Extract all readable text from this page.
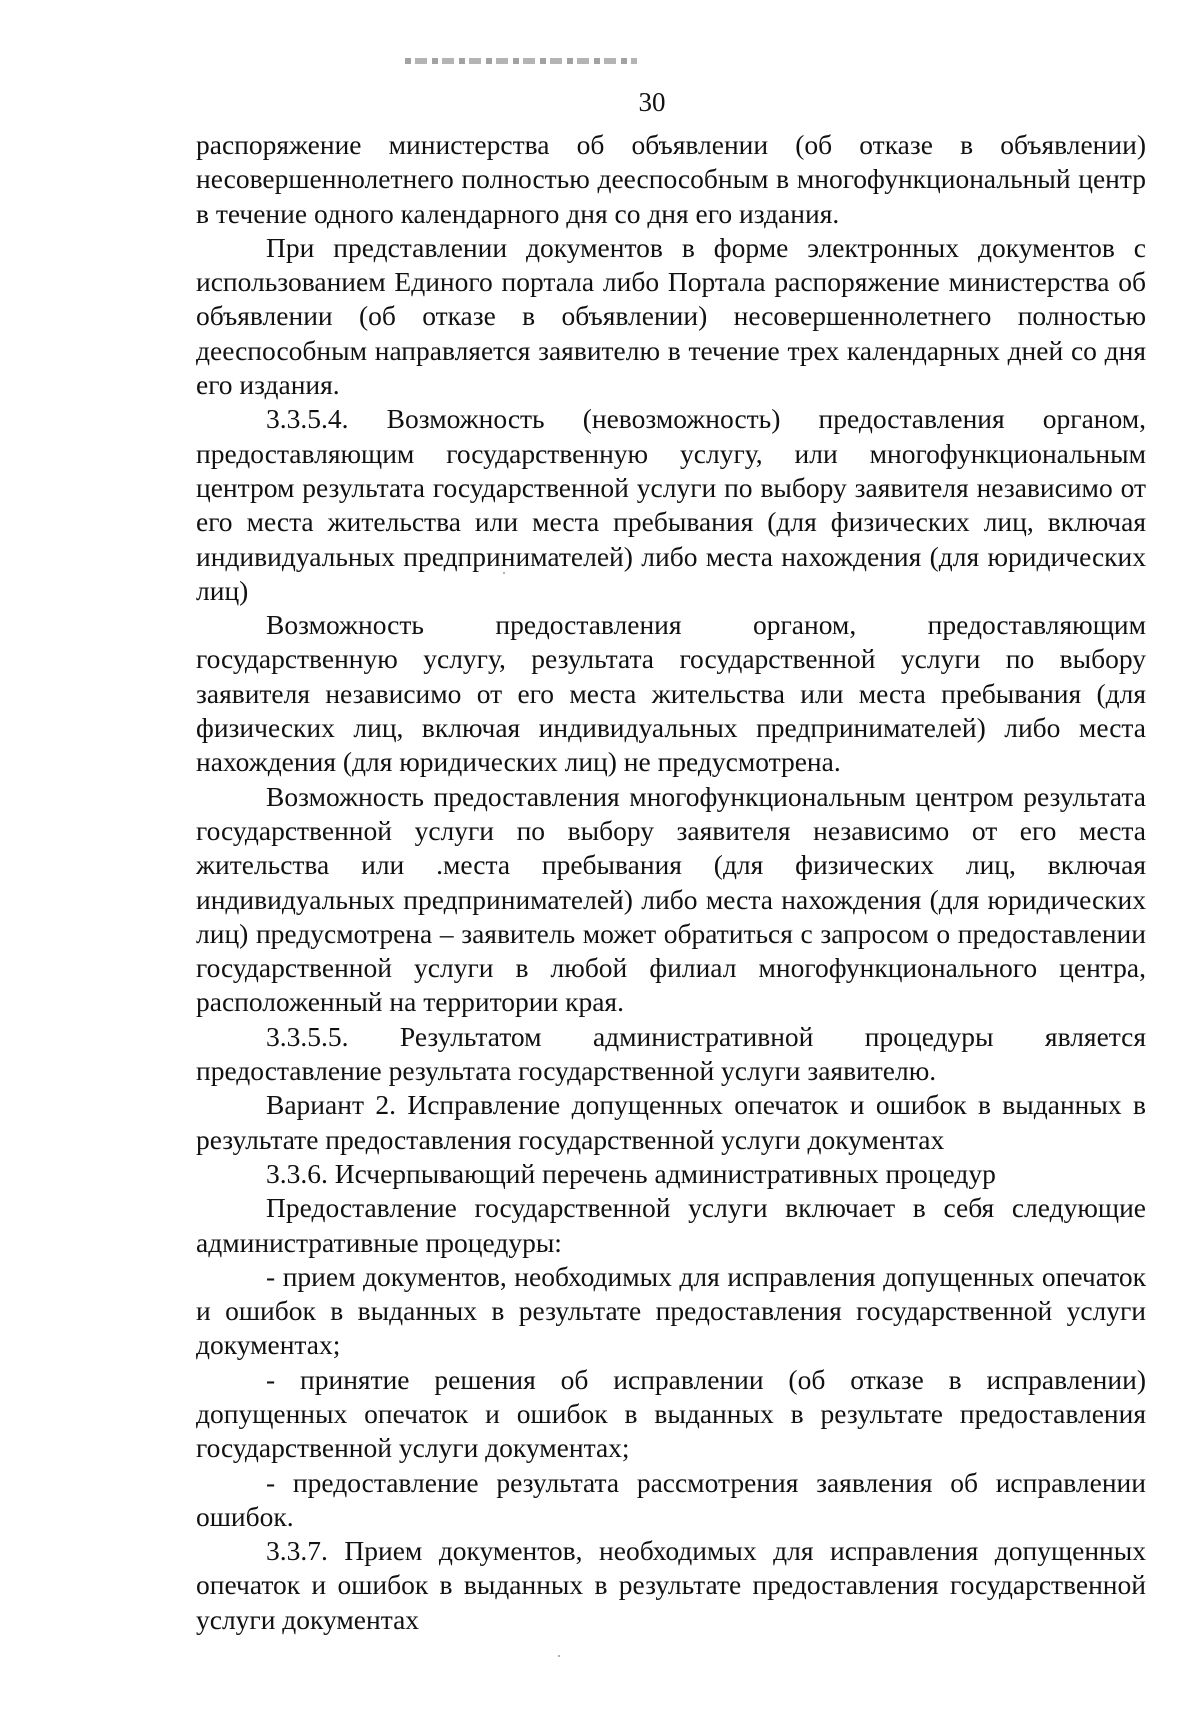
30

распоряжение министерства об объявлении (об отказе в объявлении) несовершеннолетнего полностью дееспособным в многофункциональный центр в течение одного календарного дня со дня его издания.

При представлении документов в форме электронных документов с использованием Единого портала либо Портала распоряжение министерства об объявлении (об отказе в объявлении) несовершеннолетнего полностью дееспособным направляется заявителю в течение трех календарных дней со дня его издания.

3.3.5.4. Возможность (невозможность) предоставления органом, предоставляющим государственную услугу, или многофункциональным центром результата государственной услуги по выбору заявителя независимо от его места жительства или места пребывания (для физических лиц, включая индивидуальных предпринимателей) либо места нахождения (для юридических лиц)

Возможность предоставления органом, предоставляющим государственную услугу, результата государственной услуги по выбору заявителя независимо от его места жительства или места пребывания (для физических лиц, включая индивидуальных предпринимателей) либо места нахождения (для юридических лиц) не предусмотрена.

Возможность предоставления многофункциональным центром результата государственной услуги по выбору заявителя независимо от его места жительства или .места пребывания (для физических лиц, включая индивидуальных предпринимателей) либо места нахождения (для юридических лиц) предусмотрена – заявитель может обратиться с запросом о предоставлении государственной услуги в любой филиал многофункционального центра, расположенный на территории края.

3.3.5.5. Результатом административной процедуры является предоставление результата государственной услуги заявителю.

Вариант 2. Исправление допущенных опечаток и ошибок в выданных в результате предоставления государственной услуги документах

3.3.6. Исчерпывающий перечень административных процедур

Предоставление государственной услуги включает в себя следующие административные процедуры:

- прием документов, необходимых для исправления допущенных опечаток и ошибок в выданных в результате предоставления государственной услуги документах;

- принятие решения об исправлении (об отказе в исправлении) допущенных опечаток и ошибок в выданных в результате предоставления государственной услуги документах;

- предоставление результата рассмотрения заявления об исправлении ошибок.

3.3.7. Прием документов, необходимых для исправления допущенных опечаток и ошибок в выданных в результате предоставления государственной услуги документах
